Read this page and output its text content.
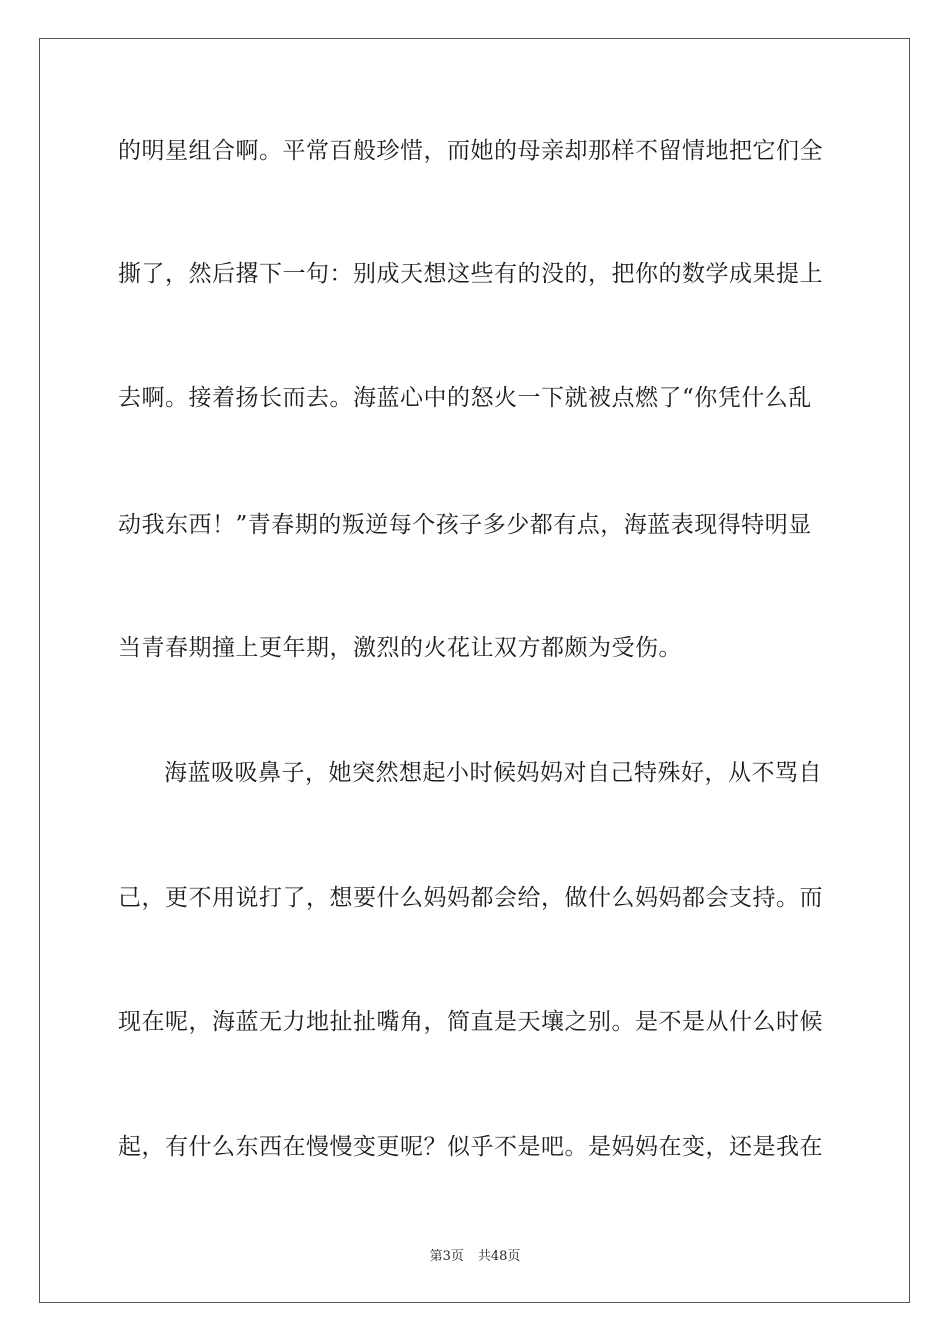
的明星组合啊。平常百般珍惜，而她的母亲却那样不留情地把它们全
撕了，然后撂下一句：别成天想这些有的没的，把你的数学成果提上
去啊。接着扬长而去。海蓝心中的怒火一下就被点燃了“你凭什么乱
动我东西！”青春期的叛逆每个孩子多少都有点，海蓝表现得特明显
当青春期撞上更年期，激烈的火花让双方都颇为受伤。
海蓝吸吸鼻子，她突然想起小时候妈妈对自己特殊好，从不骂自
己，更不用说打了，想要什么妈妈都会给，做什么妈妈都会支持。而
现在呢，海蓝无力地扯扯嘴角，简直是天壤之别。是不是从什么时候
起，有什么东西在慢慢变更呢？似乎不是吧。是妈妈在变，还是我在
第3页 共48页
